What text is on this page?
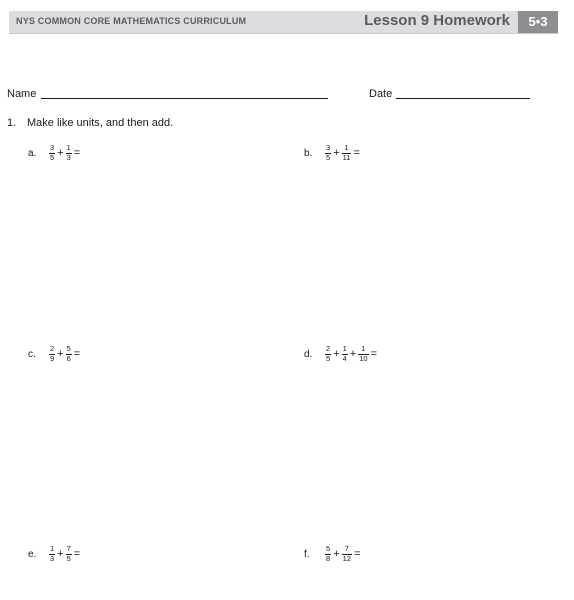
NYS COMMON CORE MATHEMATICS CURRICULUM	Lesson 9 Homework	5•3
Name	Date
1. Make like units, and then add.
a.	$\frac{3}{5} + \frac{1}{3}$ =	b.	$\frac{3}{5} + \frac{1}{11}$ =
c.	$\frac{2}{9} + \frac{5}{6}$ =	d.	$\frac{2}{5} + \frac{1}{4} + \frac{1}{10}$ =
e.	$\frac{1}{3} + \frac{7}{5}$ =	f.	$\frac{5}{8} + \frac{7}{12}$ =
